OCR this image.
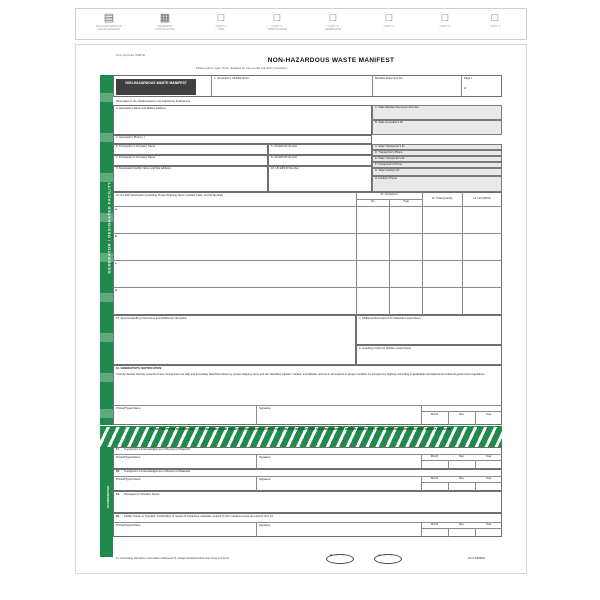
▤
NON-HAZARDOUS
WASTE MANIFEST
▦
MANIFEST
CONTINUATION
□
COPY 1
TSDF
□
COPY 2
TRANSPORTER
□
COPY 3
GENERATOR
□
COPY 4
□
COPY 5
□
COPY 6
Form Approved. OMB No.
NON-HAZARDOUS WASTE MANIFEST
Please print or type. (Form designed for use on elite (12-pitch) typewriter.)
GENERATOR / DESIGNATED FACILITY
NON-HAZARDOUS WASTE MANIFEST
1. Generator's US EPA ID No.	Manifest Document No.	Page 1
of
Information in the shaded areas is not required by Federal law.
3. Generator's Name and Mailing Address	A. State Manifest Document Number
B. State Generator's ID
4. Generator's Phone ( )
5. Transporter 1 Company Name	6. US EPA ID Number	C. State Transporter's ID
D. Transporter's Phone
7. Transporter 2 Company Name	8. US EPA ID Number	E. State Transporter's ID
F. Transporter's Phone
9. Designated Facility Name and Site Address	10. US EPA ID Number
G. State Facility's ID
H. Facility's Phone
11. US DOT Description (Including Proper Shipping Name, Hazard Class, and ID Number)	12. Containers
No.	Type
13. Total Quantity	14. Unit Wt/Vol
a.
b.
c.
d.
15. Special Handling Instructions and Additional Information	J. Additional Descriptions for Materials Listed Above
K. Handling Codes for Wastes Listed Above
16. GENERATOR'S CERTIFICATION:
I hereby declare that the contents of this consignment are fully and accurately described above by proper shipping name and are classified, packed, marked, and labeled, and are in all respects in proper condition for transport by highway according to applicable international and national government regulations.
Printed/Typed Name	Signature
Month	Day	Year
DO NOT WRITE BELOW THIS LINE — THIS SECTION IS FOR USE BY THE DESIGNATED FACILITY ONLY. RETAIN ONE COPY FOR YOUR RECORDS AND RETURN SIGNED COPY TO GENERATOR WITHIN 30 DAYS OF RECEIPT OF WASTE.
TRANSPORTER
17. Transporter 1 Acknowledgement of Receipt of Materials
Printed/Typed Name	Signature	Month	Day	Year
18. Transporter 2 Acknowledgement of Receipt of Materials
Printed/Typed Name	Signature	Month	Day	Year
19. Discrepancy Indication Space
20. Facility Owner or Operator: Certification of receipt of hazardous materials covered by this manifest except as noted in Item 19.
Printed/Typed Name	Signature	Month	Day	Year
To: Generating Hazardous Information Addressed To, Always Durable/Carbon-less Snap-Out Form
◆	◎
Form 6429NH
